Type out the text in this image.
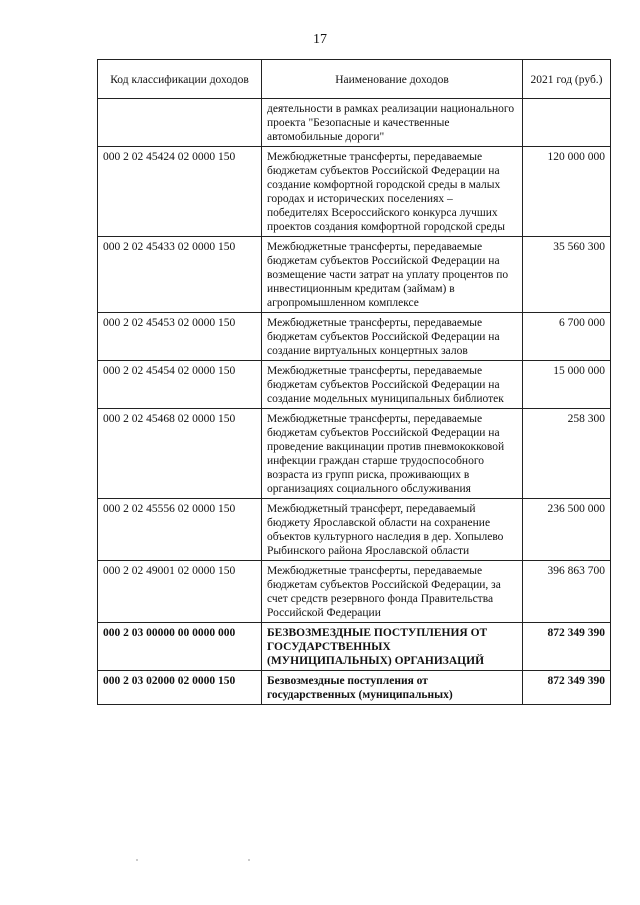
17
Код классификации доходов	Наименование доходов	2021 год (руб.)
	деятельности в рамках реализации национального проекта "Безопасные и качественные автомобильные дороги"	
000 2 02 45424 02 0000 150	Межбюджетные трансферты, передаваемые бюджетам субъектов Российской Федерации на создание комфортной городской среды в малых городах и исторических поселениях – победителях Всероссийского конкурса лучших проектов создания комфортной городской среды	120 000 000
000 2 02 45433 02 0000 150	Межбюджетные трансферты, передаваемые бюджетам субъектов Российской Федерации на возмещение части затрат на уплату процентов по инвестиционным кредитам (займам) в агропромышленном комплексе	35 560 300
000 2 02 45453 02 0000 150	Межбюджетные трансферты, передаваемые бюджетам субъектов Российской Федерации на создание виртуальных концертных залов	6 700 000
000 2 02 45454 02 0000 150	Межбюджетные трансферты, передаваемые бюджетам субъектов Российской Федерации на создание модельных муниципальных библиотек	15 000 000
000 2 02 45468 02 0000 150	Межбюджетные трансферты, передаваемые бюджетам субъектов Российской Федерации на проведение вакцинации против пневмококковой инфекции граждан старше трудоспособного возраста из групп риска, проживающих в организациях социального обслуживания	258 300
000 2 02 45556 02 0000 150	Межбюджетный трансферт, передаваемый бюджету Ярославской области на сохранение объектов культурного наследия в дер. Хопылево Рыбинского района Ярославской области	236 500 000
000 2 02 49001 02 0000 150	Межбюджетные трансферты, передаваемые бюджетам субъектов Российской Федерации, за счет средств резервного фонда Правительства Российской Федерации	396 863 700
000 2 03 00000 00 0000 000	БЕЗВОЗМЕЗДНЫЕ ПОСТУПЛЕНИЯ ОТ ГОСУДАРСТВЕННЫХ (МУНИЦИПАЛЬНЫХ) ОРГАНИЗАЦИЙ	872 349 390
000 2 03 02000 02 0000 150	Безвозмездные поступления от государственных (муниципальных)	872 349 390
